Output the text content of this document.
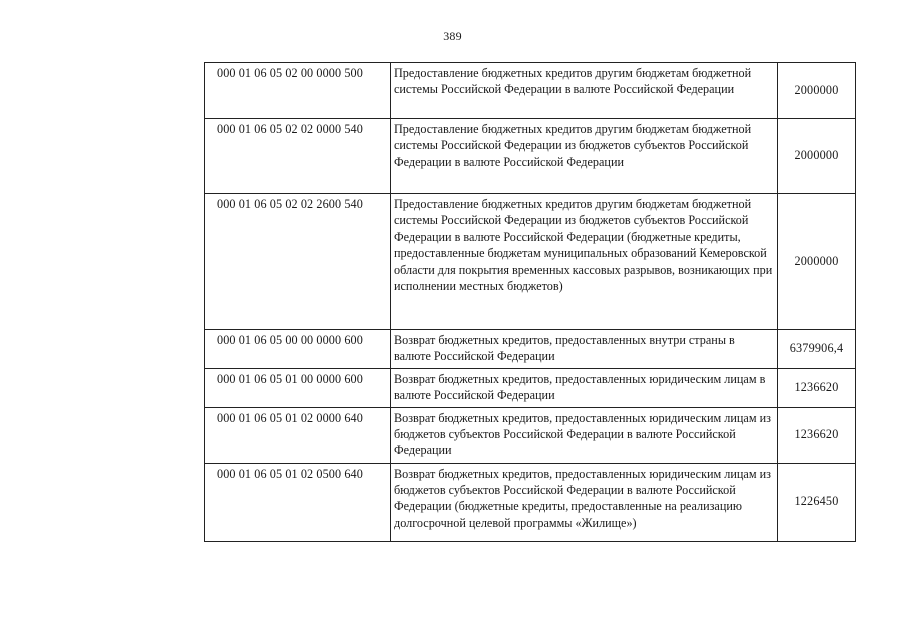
389
000 01 06 05 02 00 0000 500	Предоставление бюджетных кредитов другим бюджетам бюджетной системы Российской Федерации в валюте Российской Федерации	2000000
000 01 06 05 02 02 0000 540	Предоставление бюджетных кредитов другим бюджетам бюджетной системы Российской Федерации из бюджетов субъектов Российской Федерации в валюте Российской Федерации	2000000
000 01 06 05 02 02 2600 540	Предоставление бюджетных кредитов другим бюджетам бюджетной системы Российской Федерации из бюджетов субъектов Российской Федерации в валюте Российской Федерации (бюджетные кредиты, предоставленные бюджетам муниципальных образований Кемеровской области для покрытия временных кассовых разрывов, возникающих при исполнении местных бюджетов)	2000000
000 01 06 05 00 00 0000 600	Возврат бюджетных кредитов, предоставленных внутри страны в валюте Российской Федерации	6379906,4
000 01 06 05 01 00 0000 600	Возврат бюджетных кредитов, предоставленных юридическим лицам в валюте Российской Федерации	1236620
000 01 06 05 01 02 0000 640	Возврат бюджетных кредитов, предоставленных юридическим лицам из бюджетов субъектов Российской Федерации в валюте Российской Федерации	1236620
000 01 06 05 01 02 0500 640	Возврат бюджетных кредитов, предоставленных юридическим лицам из бюджетов субъектов Российской Федерации в валюте Российской Федерации (бюджетные кредиты, предоставленные на реализацию долгосрочной целевой программы «Жилище»)	1226450
